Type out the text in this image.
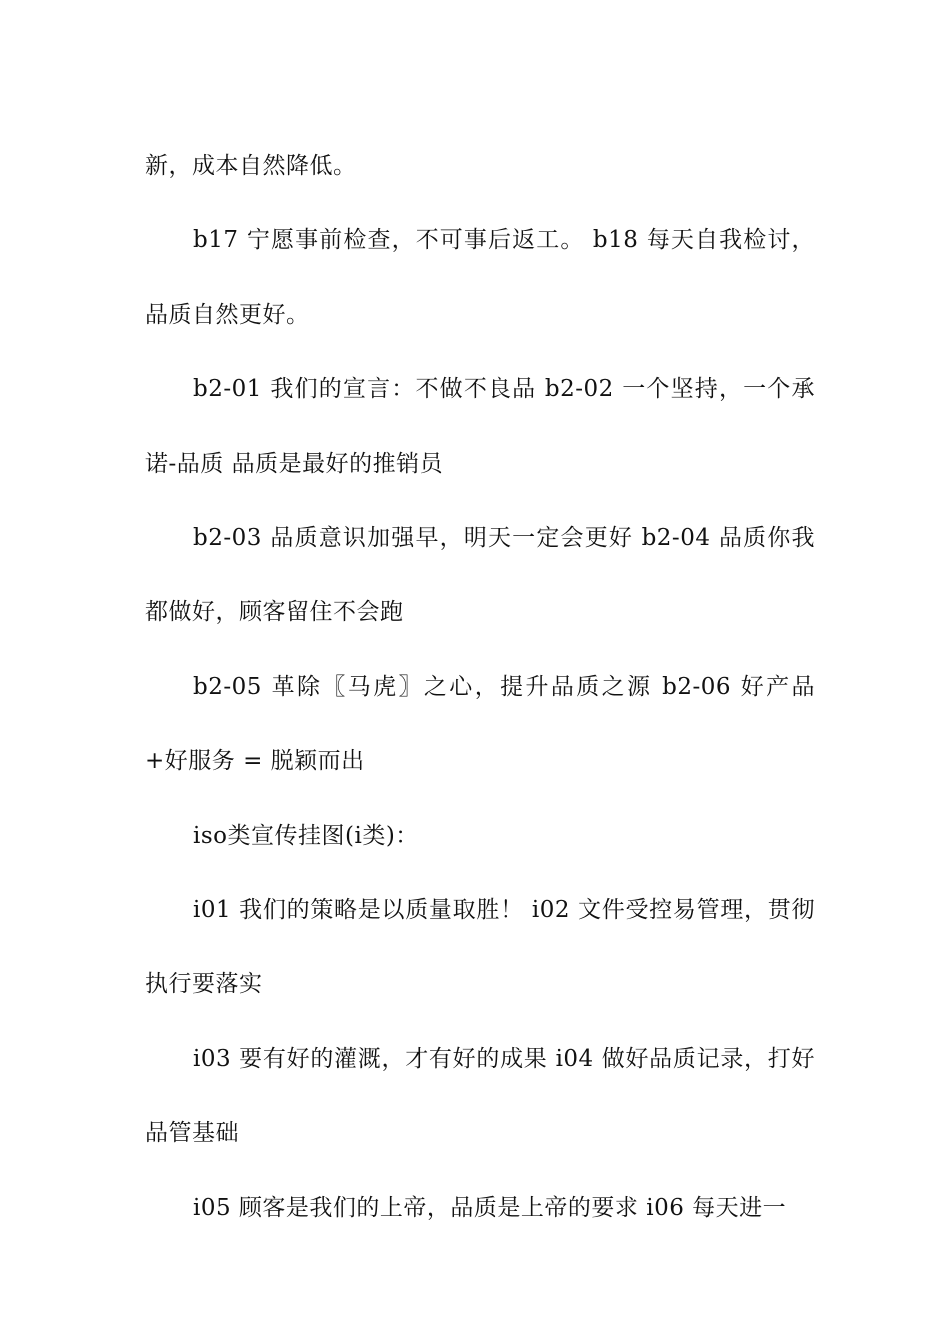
新，成本自然降低。

b17 宁愿事前检查，不可事后返工。 b18 每天自我检讨，品质自然更好。

b2-01 我们的宣言：不做不良品 b2-02 一个坚持，一个承诺-品质 品质是最好的推销员

b2-03 品质意识加强早，明天一定会更好 b2-04 品质你我都做好，顾客留住不会跑

b2-05 革除〖马虎〗之心，提升品质之源 b2-06 好产品 +好服务 = 脱颖而出

iso类宣传挂图(i类)：

i01 我们的策略是以质量取胜！ i02 文件受控易管理，贯彻执行要落实

i03 要有好的灌溉，才有好的成果 i04 做好品质记录，打好品管基础

i05 顾客是我们的上帝，品质是上帝的要求 i06 每天进一
